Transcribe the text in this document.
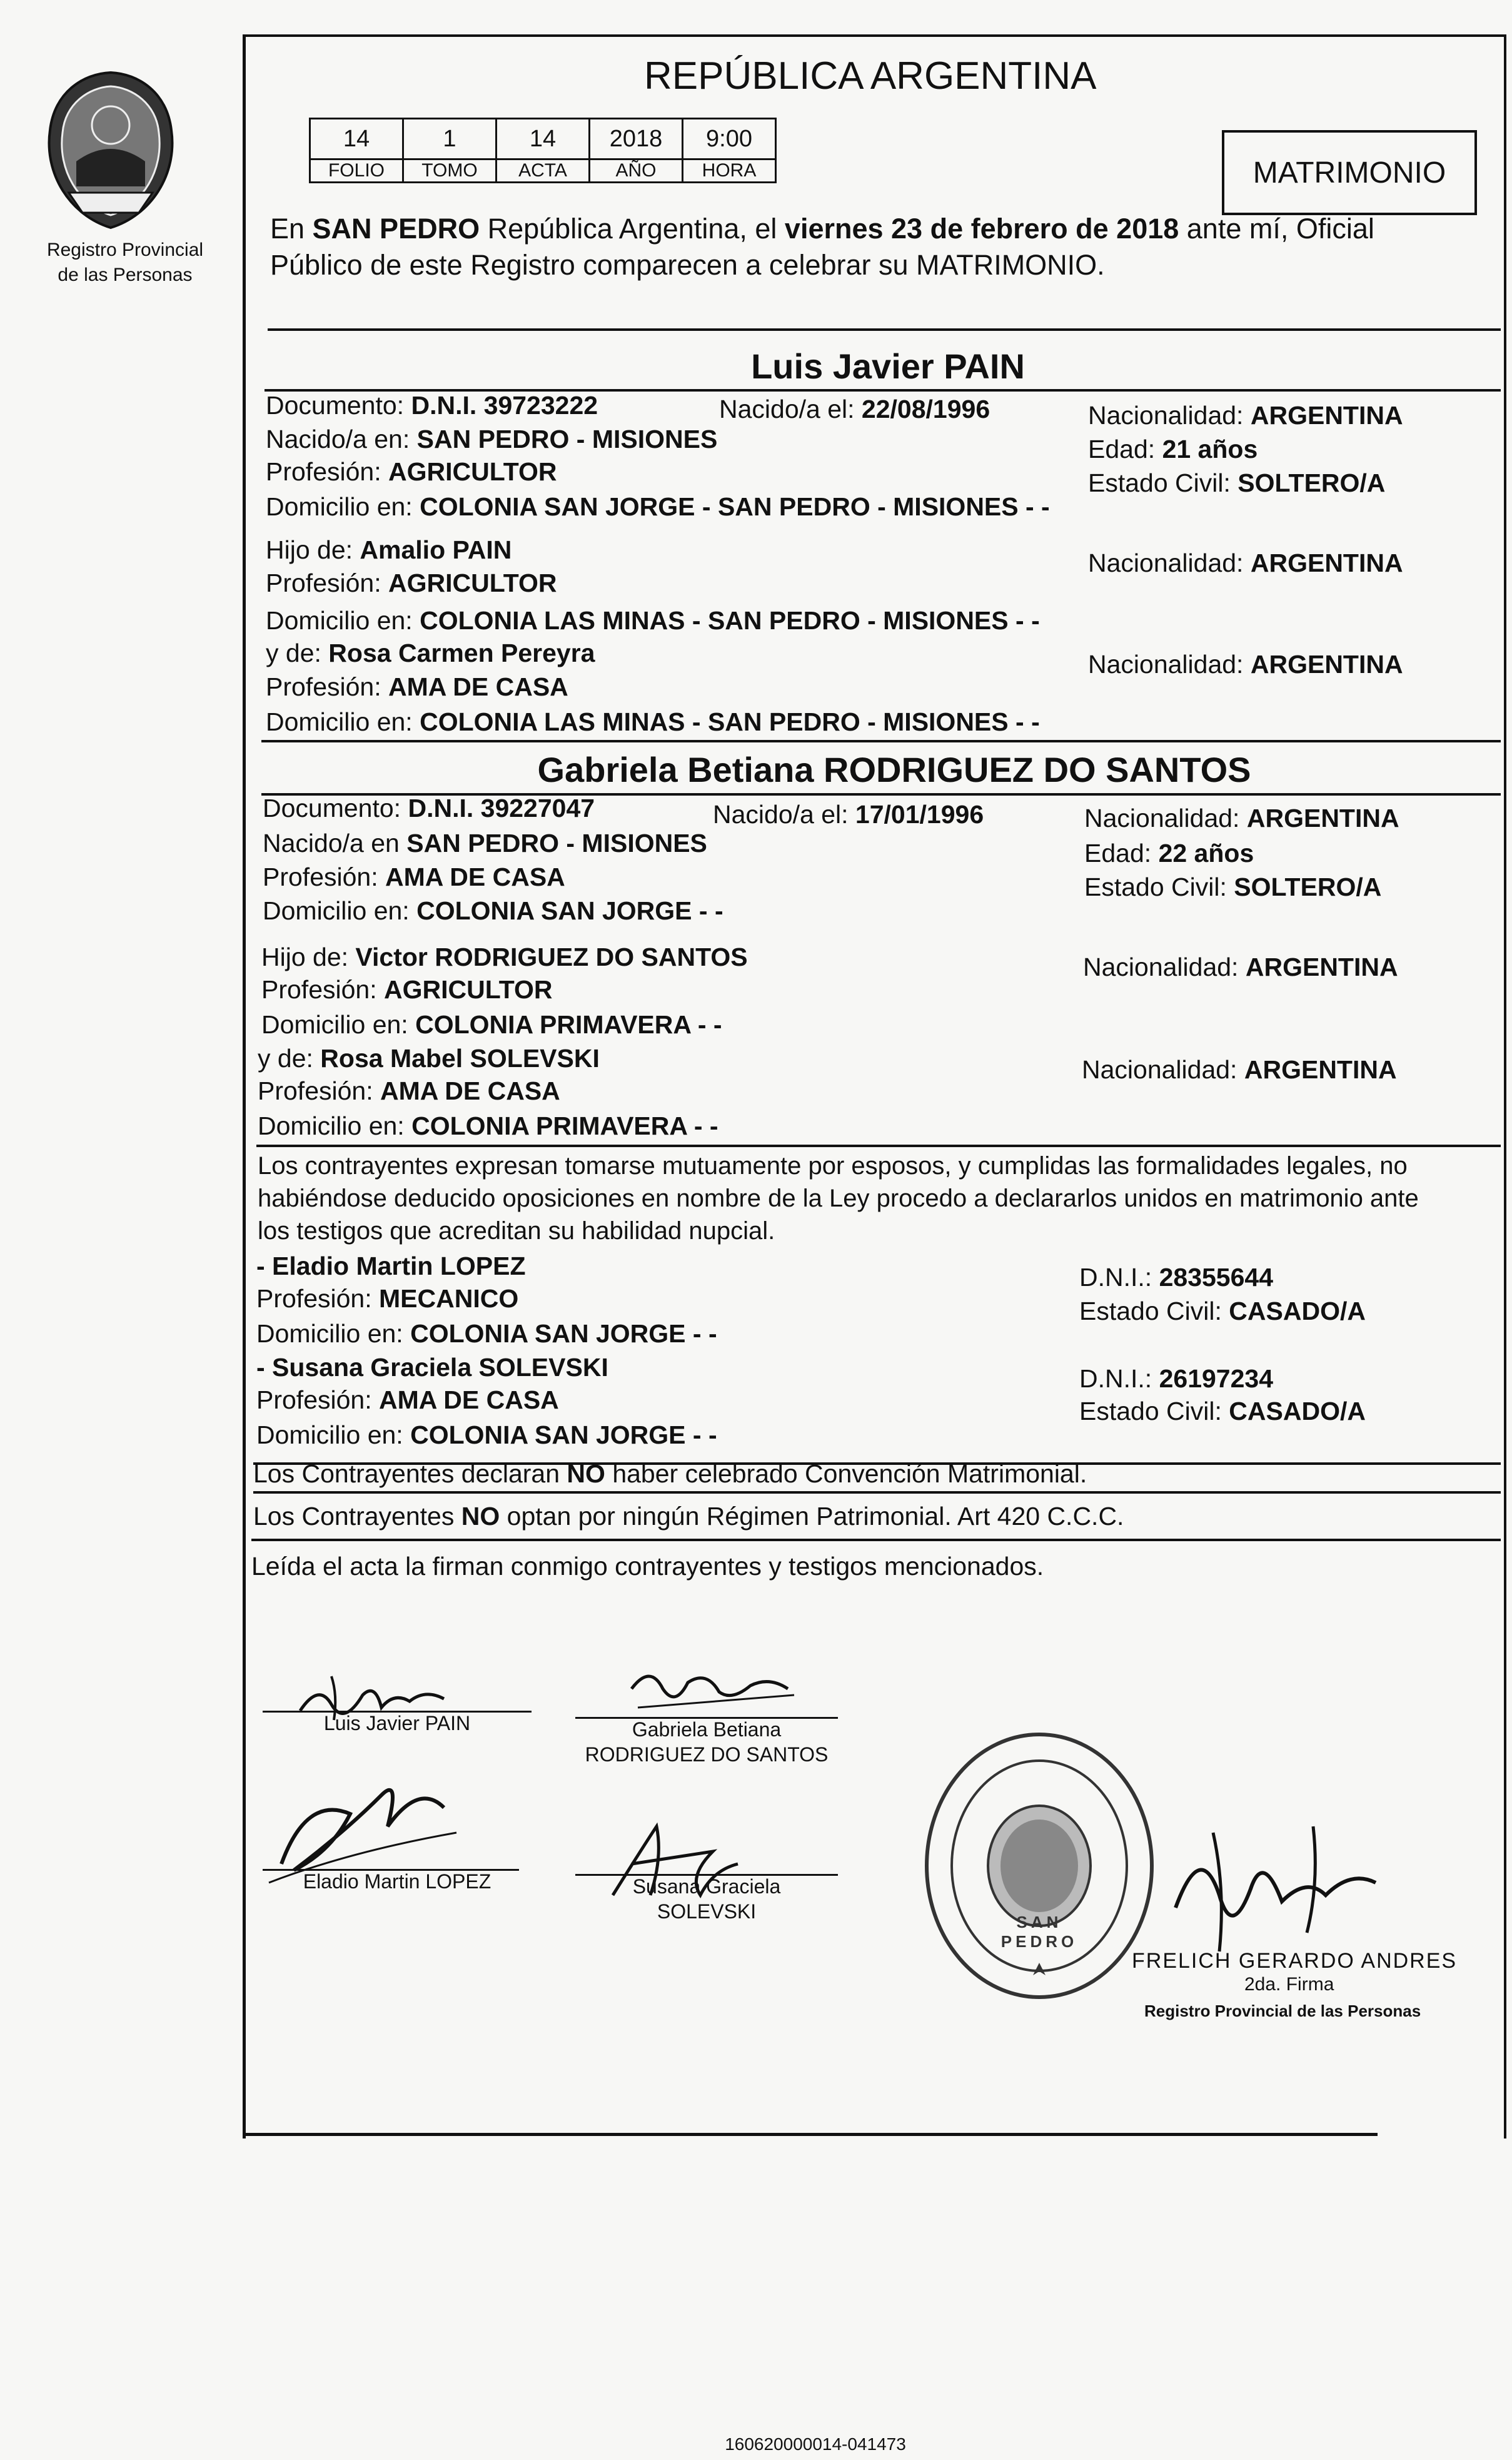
Registro Provincial
de las Personas
REPÚBLICA ARGENTINA
14	1	14	2018	9:00
FOLIO	TOMO	ACTA	AÑO	HORA	MATRIMONIO
En SAN PEDRO República Argentina, el viernes 23 de febrero de 2018 ante mí, Oficial
Público de este Registro comparecen a celebrar su MATRIMONIO.
Luis Javier PAIN
Documento: D.N.I. 39723222	Nacido/a el: 22/08/1996	Nacionalidad: ARGENTINA
Nacido/a en: SAN PEDRO - MISIONES	Edad: 21 años
Profesión: AGRICULTOR	Estado Civil: SOLTERO/A
Domicilio en: COLONIA SAN JORGE - SAN PEDRO - MISIONES - -
Hijo de: Amalio PAIN	Nacionalidad: ARGENTINA
Profesión: AGRICULTOR
Domicilio en: COLONIA LAS MINAS - SAN PEDRO - MISIONES - -
y de: Rosa Carmen Pereyra	Nacionalidad: ARGENTINA
Profesión: AMA DE CASA
Domicilio en: COLONIA LAS MINAS - SAN PEDRO - MISIONES - -
Gabriela Betiana RODRIGUEZ DO SANTOS
Documento: D.N.I. 39227047	Nacido/a el: 17/01/1996	Nacionalidad: ARGENTINA
Nacido/a en SAN PEDRO - MISIONES	Edad: 22 años
Profesión: AMA DE CASA	Estado Civil: SOLTERO/A
Domicilio en: COLONIA SAN JORGE - -
Hijo de: Victor RODRIGUEZ DO SANTOS	Nacionalidad: ARGENTINA
Profesión: AGRICULTOR
Domicilio en: COLONIA PRIMAVERA - -
y de: Rosa Mabel SOLEVSKI	Nacionalidad: ARGENTINA
Profesión: AMA DE CASA
Domicilio en: COLONIA PRIMAVERA - -
Los contrayentes expresan tomarse mutuamente por esposos, y cumplidas las formalidades legales, no
habiéndose deducido oposiciones en nombre de la Ley procedo a declararlos unidos en matrimonio ante
los testigos que acreditan su habilidad nupcial.
- Eladio Martin LOPEZ	D.N.I.: 28355644
Profesión: MECANICO	Estado Civil: CASADO/A
Domicilio en: COLONIA SAN JORGE - -
- Susana Graciela SOLEVSKI	D.N.I.: 26197234
Profesión: AMA DE CASA	Estado Civil: CASADO/A
Domicilio en: COLONIA SAN JORGE - -
Los Contrayentes declaran NO haber celebrado Convención Matrimonial.
Los Contrayentes NO optan por ningún Régimen Patrimonial. Art 420 C.C.C.
Leída el acta la firman conmigo contrayentes y testigos mencionados.
Luis Javier PAIN	Gabriela Betiana
RODRIGUEZ DO SANTOS
Eladio Martin LOPEZ	Susana Graciela
SOLEVSKI	SAN PEDRO
FRELICH GERARDO ANDRES
2da. Firma
Registro Provincial de las Personas
160620000014-041473
